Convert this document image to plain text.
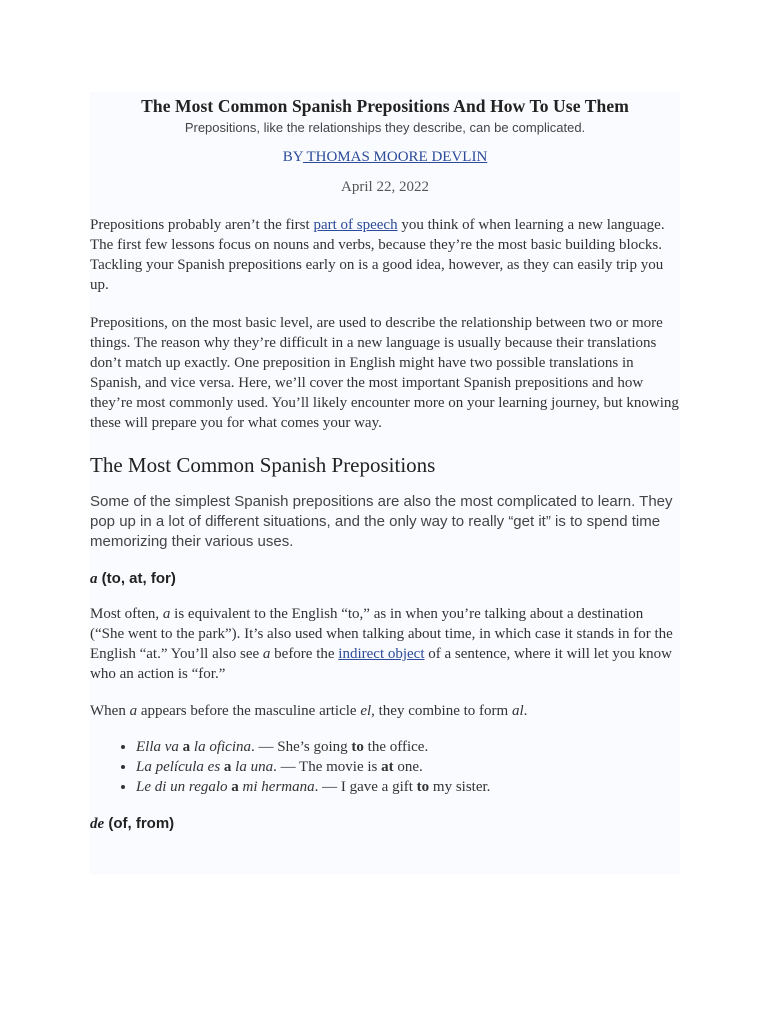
The Most Common Spanish Prepositions And How To Use Them
Prepositions, like the relationships they describe, can be complicated.
BY THOMAS MOORE DEVLIN
April 22, 2022

Prepositions probably aren’t the first part of speech you think of when learning a new language. The first few lessons focus on nouns and verbs, because they’re the most basic building blocks. Tackling your Spanish prepositions early on is a good idea, however, as they can easily trip you up.

Prepositions, on the most basic level, are used to describe the relationship between two or more things. The reason why they’re difficult in a new language is usually because their translations don’t match up exactly. One preposition in English might have two possible translations in Spanish, and vice versa. Here, we’ll cover the most important Spanish prepositions and how they’re most commonly used. You’ll likely encounter more on your learning journey, but knowing these will prepare you for what comes your way.

The Most Common Spanish Prepositions

Some of the simplest Spanish prepositions are also the most complicated to learn. They pop up in a lot of different situations, and the only way to really “get it” is to spend time memorizing their various uses.

a (to, at, for)

Most often, a is equivalent to the English “to,” as in when you’re talking about a destination (“She went to the park”). It’s also used when talking about time, in which case it stands in for the English “at.” You’ll also see a before the indirect object of a sentence, where it will let you know who an action is “for.”

When a appears before the masculine article el, they combine to form al.

• Ella va a la oficina. — She’s going to the office.
• La película es a la una. — The movie is at one.
• Le di un regalo a mi hermana. — I gave a gift to my sister.
de (of, from)
